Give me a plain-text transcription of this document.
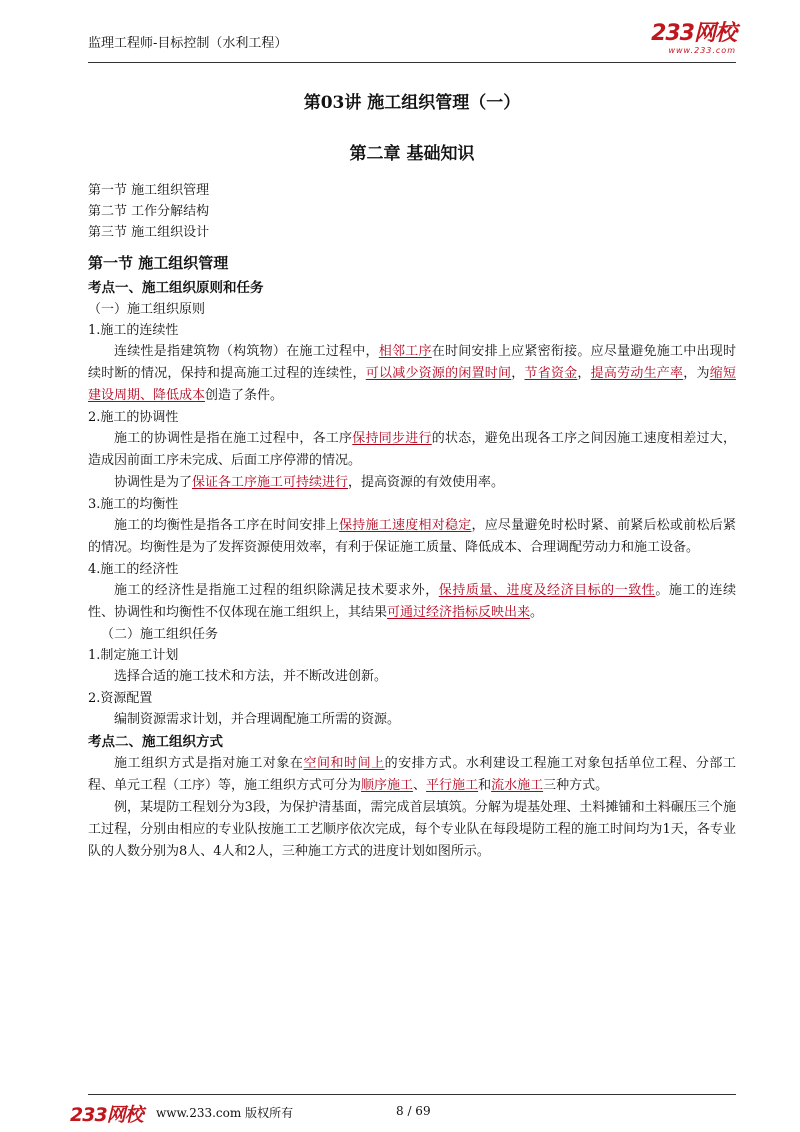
监理工程师-目标控制（水利工程）	233网校
www.233.com
第03讲 施工组织管理（一）
第二章 基础知识
第一节 施工组织管理
第二节 工作分解结构
第三节 施工组织设计
第一节 施工组织管理
考点一、施工组织原则和任务
（一）施工组织原则
1.施工的连续性

连续性是指建筑物（构筑物）在施工过程中，相邻工序在时间安排上应紧密衔接。应尽量避免施工中出现时续时断的情况，保持和提高施工过程的连续性，可以减少资源的闲置时间，节省资金，提高劳动生产率，为缩短建设周期、降低成本创造了条件。

2.施工的协调性

施工的协调性是指在施工过程中，各工序保持同步进行的状态，避免出现各工序之间因施工速度相差过大，造成因前面工序未完成、后面工序停滞的情况。

协调性是为了保证各工序施工可持续进行，提高资源的有效使用率。

3.施工的均衡性

施工的均衡性是指各工序在时间安排上保持施工速度相对稳定，应尽量避免时松时紧、前紧后松或前松后紧的情况。均衡性是为了发挥资源使用效率，有利于保证施工质量、降低成本、合理调配劳动力和施工设备。

4.施工的经济性

施工的经济性是指施工过程的组织除满足技术要求外，保持质量、进度及经济目标的一致性。施工的连续性、协调性和均衡性不仅体现在施工组织上，其结果可通过经济指标反映出来。

（二）施工组织任务
1.制定施工计划

选择合适的施工技术和方法，并不断改进创新。

2.资源配置

编制资源需求计划，并合理调配施工所需的资源。

考点二、施工组织方式

施工组织方式是指对施工对象在空间和时间上的安排方式。水利建设工程施工对象包括单位工程、分部工程、单元工程（工序）等，施工组织方式可分为顺序施工、平行施工和流水施工三种方式。

例，某堤防工程划分为3段，为保护清基面，需完成首层填筑。分解为堤基处理、土料摊铺和土料碾压三个施工过程，分别由相应的专业队按施工工艺顺序依次完成，每个专业队在每段堤防工程的施工时间均为1天，各专业队的人数分别为8人、4人和2人，三种施工方式的进度计划如图所示。

233网校 www.233.com 版权所有	8 / 69
